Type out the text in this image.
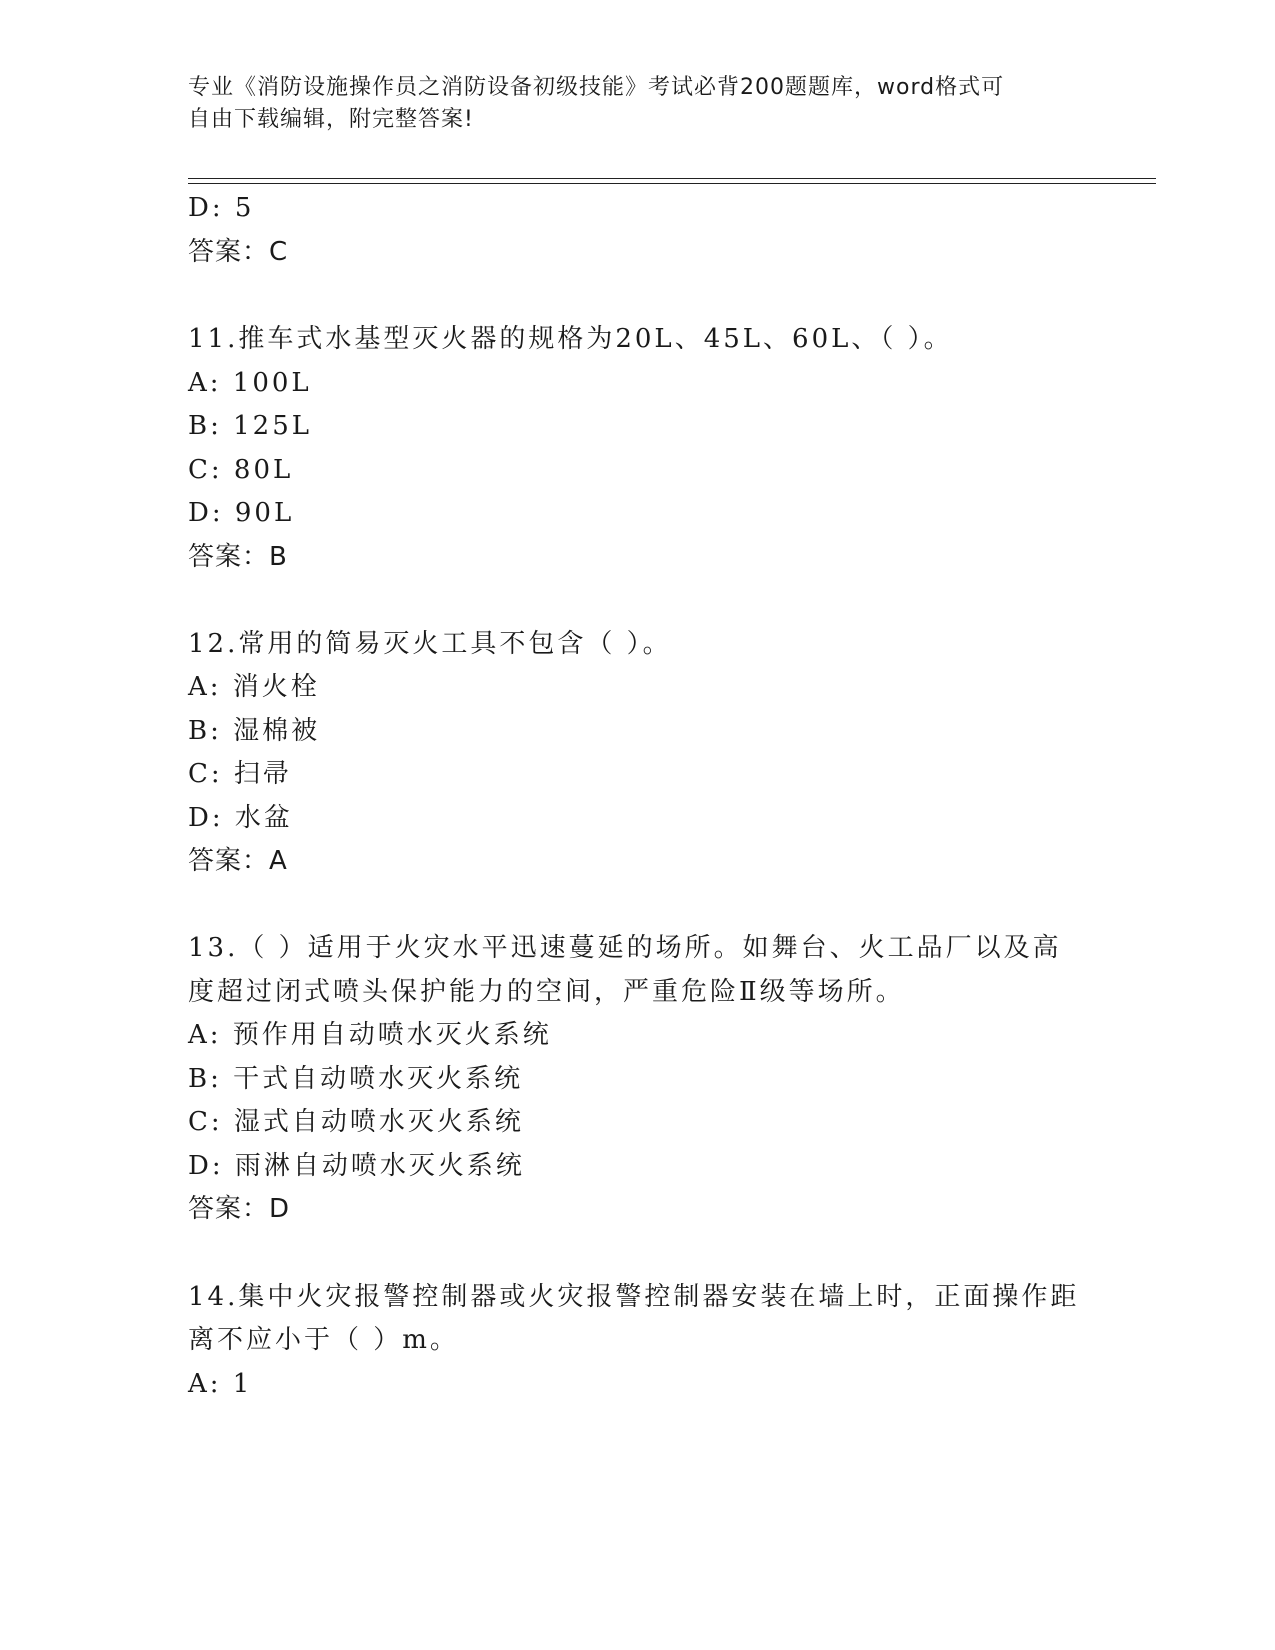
专业《消防设施操作员之消防设备初级技能》考试必背200题题库，word格式可
自由下载编辑，附完整答案!
D: 5
答案：C
11.推车式水基型灭火器的规格为20L、45L、60L、（ ）。
A: 100L
B: 125L
C: 80L
D: 90L
答案：B
12.常用的简易灭火工具不包含（ ）。
A: 消火栓
B: 湿棉被
C: 扫帚
D: 水盆
答案：A
13.（ ）适用于火灾水平迅速蔓延的场所。如舞台、火工品厂以及高
度超过闭式喷头保护能力的空间，严重危险Ⅱ级等场所。
A: 预作用自动喷水灭火系统
B: 干式自动喷水灭火系统
C: 湿式自动喷水灭火系统
D: 雨淋自动喷水灭火系统
答案：D
14.集中火灾报警控制器或火灾报警控制器安装在墙上时，正面操作距
离不应小于（ ）m。
A: 1
